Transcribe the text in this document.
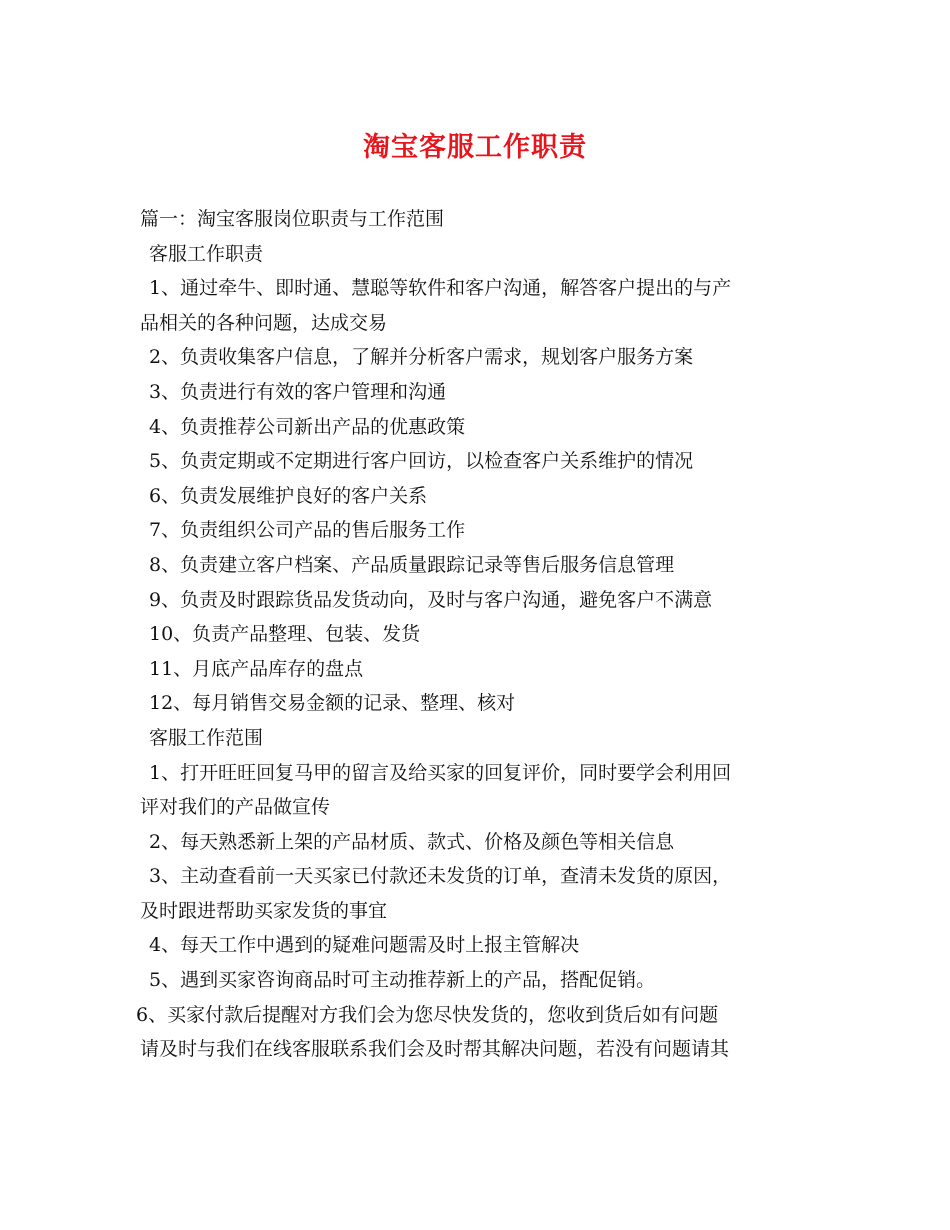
淘宝客服工作职责
篇一：淘宝客服岗位职责与工作范围
客服工作职责
1、通过牵牛、即时通、慧聪等软件和客户沟通，解答客户提出的与产
品相关的各种问题，达成交易
2、负责收集客户信息，了解并分析客户需求，规划客户服务方案
3、负责进行有效的客户管理和沟通
4、负责推荐公司新出产品的优惠政策
5、负责定期或不定期进行客户回访，以检查客户关系维护的情况
6、负责发展维护良好的客户关系
7、负责组织公司产品的售后服务工作
8、负责建立客户档案、产品质量跟踪记录等售后服务信息管理
9、负责及时跟踪货品发货动向，及时与客户沟通，避免客户不满意
10、负责产品整理、包装、发货
11、月底产品库存的盘点
12、每月销售交易金额的记录、整理、核对
客服工作范围
1、打开旺旺回复马甲的留言及给买家的回复评价，同时要学会利用回
评对我们的产品做宣传
2、每天熟悉新上架的产品材质、款式、价格及颜色等相关信息
3、主动查看前一天买家已付款还未发货的订单，查清未发货的原因，
及时跟进帮助买家发货的事宜
4、每天工作中遇到的疑难问题需及时上报主管解决
5、遇到买家咨询商品时可主动推荐新上的产品，搭配促销。
6、买家付款后提醒对方我们会为您尽快发货的，您收到货后如有问题
请及时与我们在线客服联系我们会及时帮其解决问题，若没有问题请其
